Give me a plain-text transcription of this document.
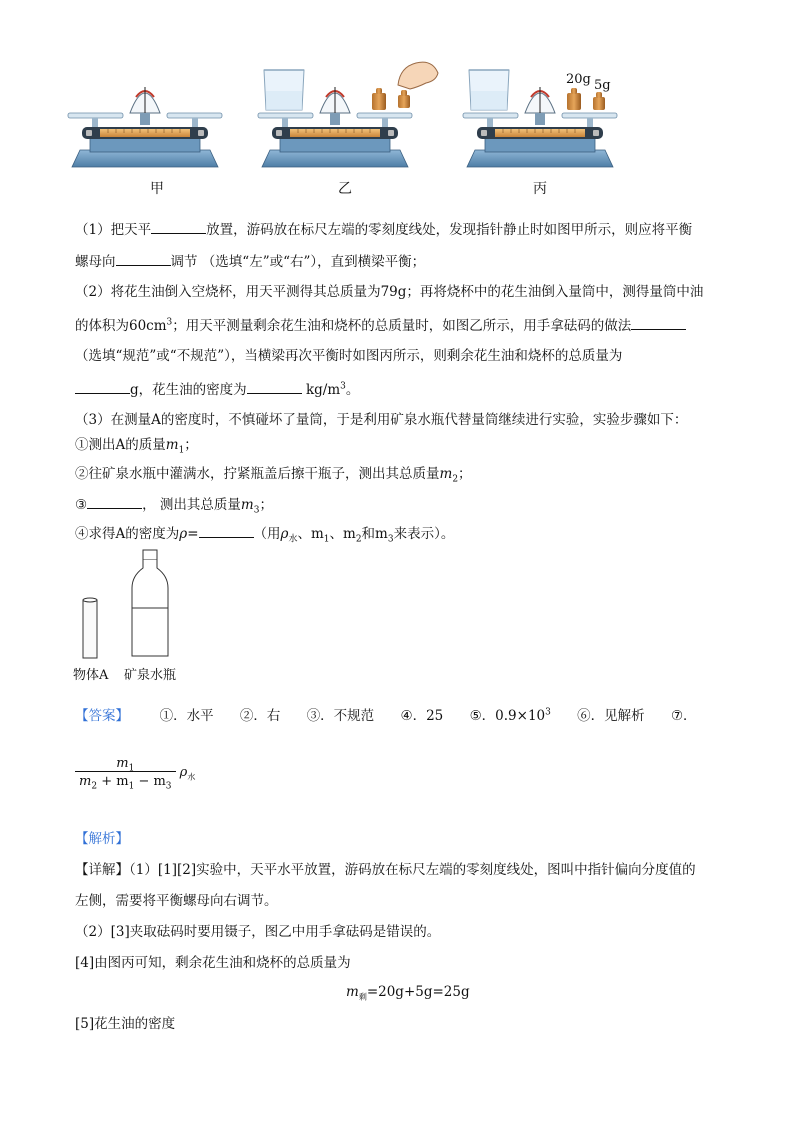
20g 5g
甲	乙	丙
（1）把天平	放置，游码放在标尺左端的零刻度线处，发现指针静止时如图甲所示，则应将平衡
螺母向	调节 （选填“左”或“右”），直到横梁平衡；
（2）将花生油倒入空烧杯，用天平测得其总质量为79g；再将烧杯中的花生油倒入量筒中，测得量筒中油
的体积为$60cm^3$；用天平测量剩余花生油和烧杯的总质量时，如图乙所示，用手拿砝码的做法
（选填“规范”或“不规范”），当横梁再次平衡时如图丙所示，则剩余花生油和烧杯的总质量为
g，花生油的密度为	$kg/m^3$。
（3）在测量A的密度时，不慎碰坏了量筒，于是利用矿泉水瓶代替量筒继续进行实验，实验步骤如下：
①测出A的质量$m_1$；
②往矿泉水瓶中灌满水，拧紧瓶盖后擦干瓶子，测出其总质量$m_2$；
③	， 测出其总质量$m_3$；
④求得A的密度为ρ=	（用$\rho_水$、$m_1$、$m_2$和$m_3$来表示）。
物体A 矿泉水瓶
【答案】 ①．水平 ②．右 ③．不规范 ④．25 ⑤．$0.9\times 10^3$ ⑥．见解析 ⑦．
$\frac{m_1}{m_2 + m_1 - m_3} \rho_水$
【解析】
【详解】（1）[1][2]实验中，天平水平放置，游码放在标尺左端的零刻度线处，图叫中指针偏向分度值的
左侧，需要将平衡螺母向右调节。
（2）[3]夹取砝码时要用镊子，图乙中用手拿砝码是错误的。
[4]由图丙可知，剩余花生油和烧杯的总质量为
$m_剩=20g+5g=25g$
[5]花生油的密度
